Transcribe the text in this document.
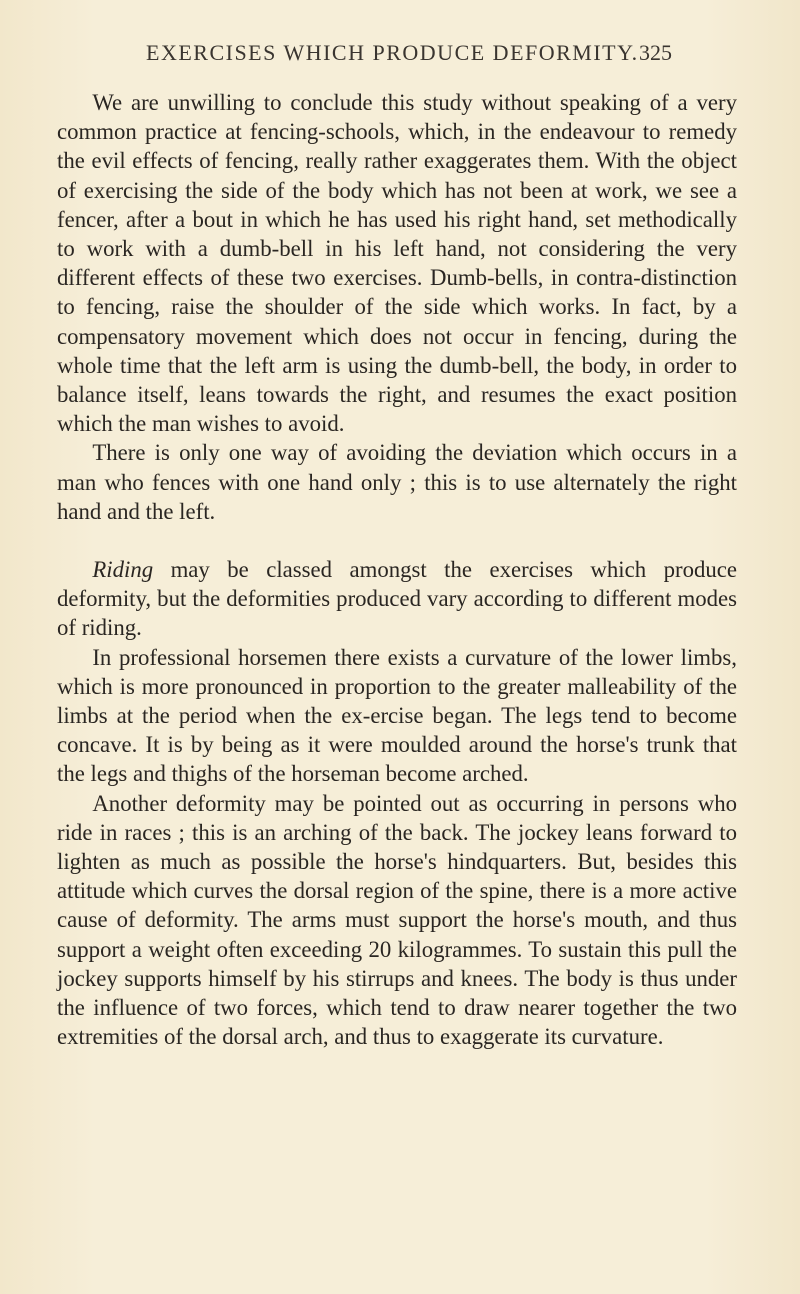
EXERCISES WHICH PRODUCE DEFORMITY. 325

We are unwilling to conclude this study without speaking of a very common practice at fencing-schools, which, in the endeavour to remedy the evil effects of fencing, really rather exaggerates them. With the object of exercising the side of the body which has not been at work, we see a fencer, after a bout in which he has used his right hand, set methodically to work with a dumb-bell in his left hand, not considering the very different effects of these two exercises. Dumb-bells, in contra-distinction to fencing, raise the shoulder of the side which works. In fact, by a compensatory movement which does not occur in fencing, during the whole time that the left arm is using the dumb-bell, the body, in order to balance itself, leans towards the right, and resumes the exact position which the man wishes to avoid.

There is only one way of avoiding the deviation which occurs in a man who fences with one hand only ; this is to use alternately the right hand and the left.

Riding may be classed amongst the exercises which produce deformity, but the deformities produced vary according to different modes of riding.

In professional horsemen there exists a curvature of the lower limbs, which is more pronounced in proportion to the greater malleability of the limbs at the period when the ex-ercise began. The legs tend to become concave. It is by being as it were moulded around the horse's trunk that the legs and thighs of the horseman become arched.

Another deformity may be pointed out as occurring in persons who ride in races ; this is an arching of the back. The jockey leans forward to lighten as much as possible the horse's hindquarters. But, besides this attitude which curves the dorsal region of the spine, there is a more active cause of deformity. The arms must support the horse's mouth, and thus support a weight often exceeding 20 kilogrammes. To sustain this pull the jockey supports himself by his stirrups and knees. The body is thus under the influence of two forces, which tend to draw nearer together the two extremities of the dorsal arch, and thus to exaggerate its curvature.
